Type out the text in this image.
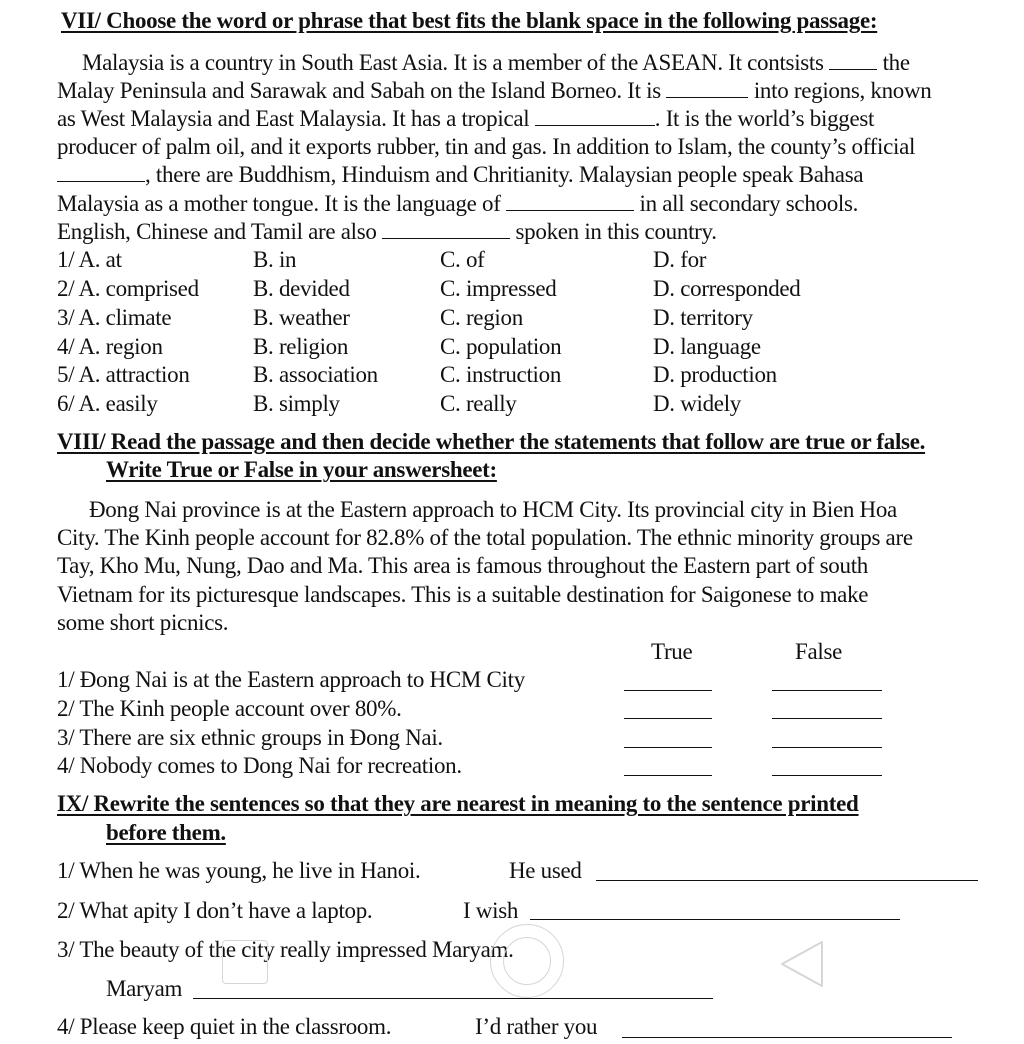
VII/ Choose the word or phrase that best fits the blank space in the following passage:
Malaysia is a country in South East Asia. It is a member of the ASEAN. It contsists  the
Malay Peninsula and Sarawak and Sabah on the Island Borneo. It is	into regions, known
as West Malaysia and East Malaysia. It has a tropical	. It is the world’s biggest
producer of palm oil, and it exports rubber, tin and gas. In addition to Islam, the county’s official
, there are Buddhism, Hinduism and Chritianity. Malaysian people speak Bahasa
Malaysia as a mother tongue. It is the language of	in all secondary schools.
English, Chinese and Tamil are also	spoken in this country.
1/ A. at	B. in	C. of	D. for
2/ A. comprised B. devided	C. impressed	D. corresponded
3/ A. climate	B. weather	C. region	D. territory
4/ A. region	B. religion	C. population	D. language
5/ A. attraction	B. association	C. instruction	D. production
6/ A. easily	B. simply	C. really	D. widely
VIII/ Read the passage and then decide whether the statements that follow are true or false.
Write True or False in your answersheet:
Đong Nai province is at the Eastern approach to HCM City. Its provincial city in Bien Hoa
City. The Kinh people account for 82.8% of the total population. The ethnic minority groups are
Tay, Kho Mu, Nung, Dao and Ma. This area is famous throughout the Eastern part of south
Vietnam for its picturesque landscapes. This is a suitable destination for Saigonese to make
some short picnics.
True	False
1/ Đong Nai is at the Eastern approach to HCM City
2/ The Kinh people account over 80%.
3/ There are six ethnic groups in Đong Nai.
4/ Nobody comes to Dong Nai for recreation.
IX/ Rewrite the sentences so that they are nearest in meaning to the sentence printed
before them.
1/ When he was young, he live in Hanoi.	He used
2/ What apity I don’t have a laptop.	I wish
3/ The beauty of the city really impressed Maryam.
Maryam
4/ Please keep quiet in the classroom.	I’d rather you
